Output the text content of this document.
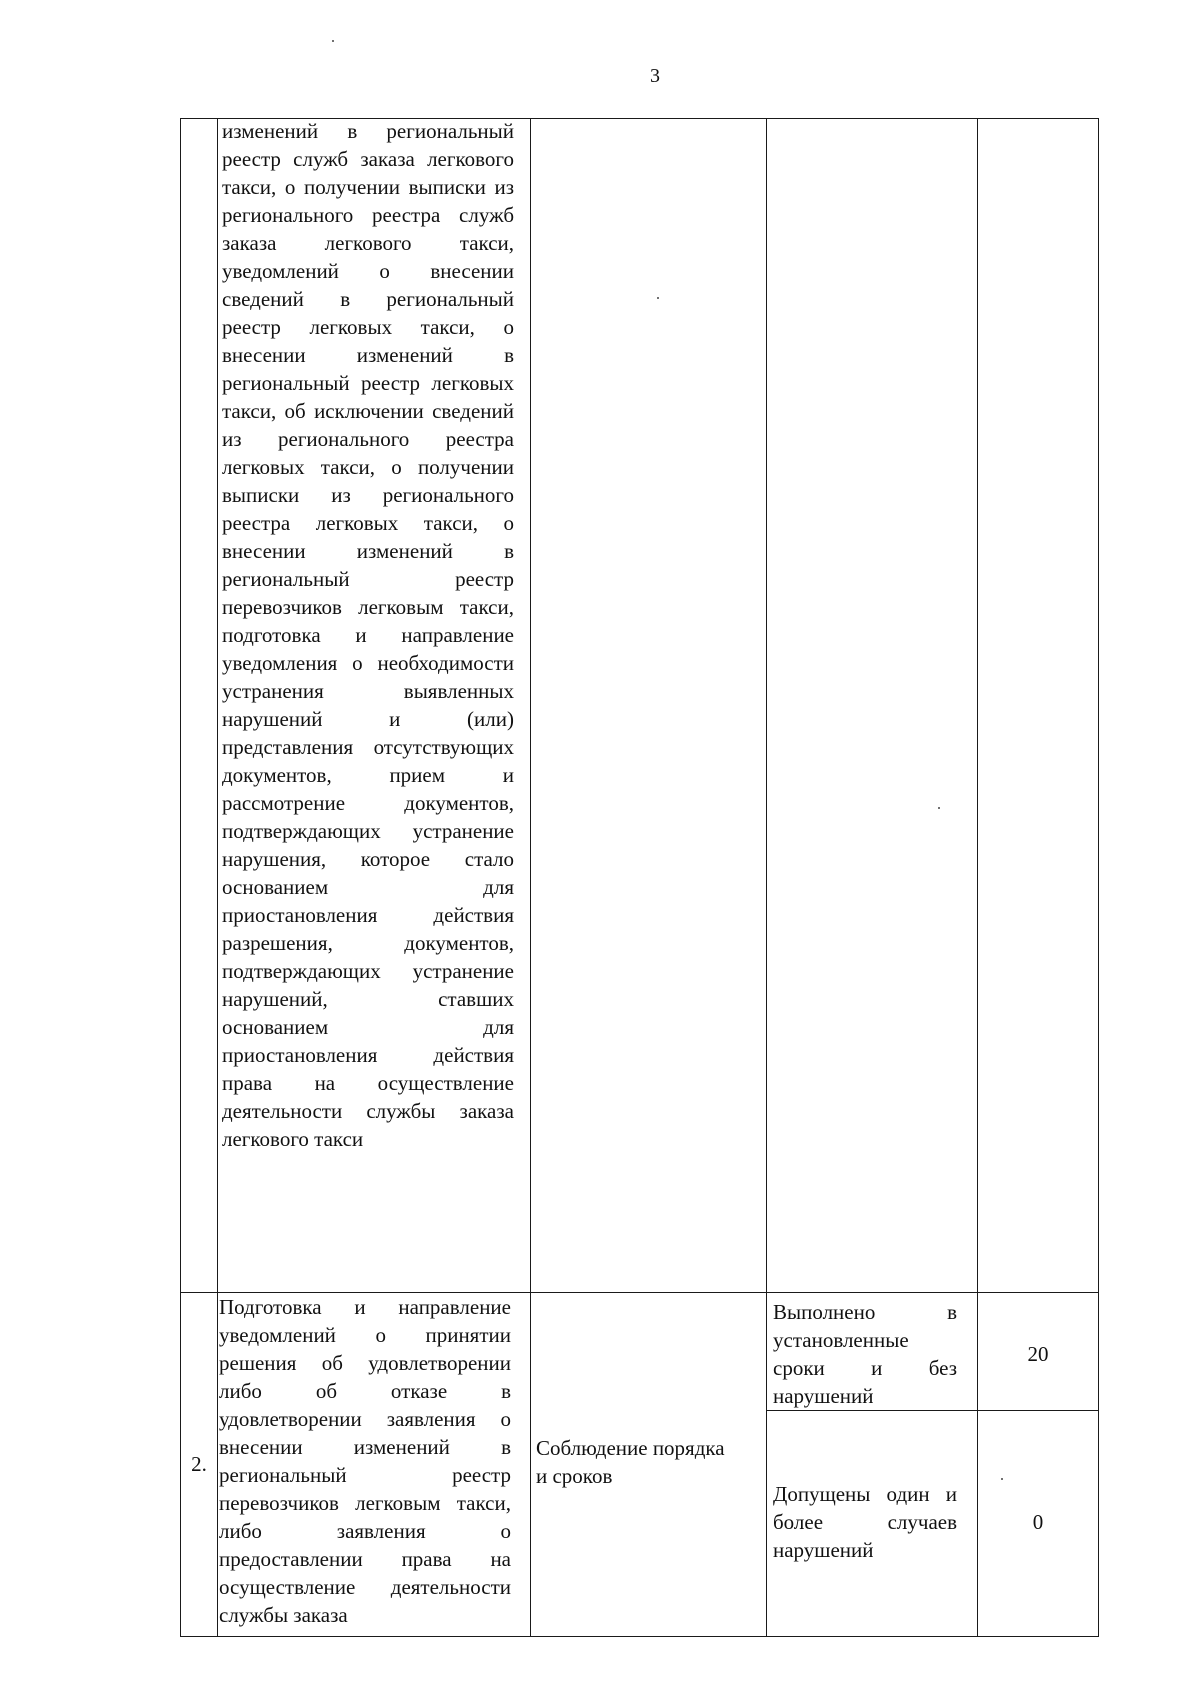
3
изменений в региональный реестр служб заказа легкового такси, о получении выписки из регионального реестра служб заказа легкового такси, уведомлений о внесении сведений в региональный реестр легковых такси, о внесении изменений в региональный реестр легковых такси, об исключении сведений из регионального реестра легковых такси, о получении выписки из регионального реестра легковых такси, о внесении изменений в региональный реестр перевозчиков легковым такси, подготовка и направление уведомления о необходимости устранения выявленных нарушений и (или) представления отсутствующих документов, прием и рассмотрение документов, подтверждающих устранение нарушения, которое стало основанием для приостановления действия разрешения, документов, подтверждающих устранение нарушений, ставших основанием для приостановления действия права на осуществление деятельности службы заказа легкового такси
2.
Подготовка и направление уведомлений о принятии решения об удовлетворении либо об отказе в удовлетворении заявления о внесении изменений в региональный реестр перевозчиков легковым такси, либо заявления о предоставлении права на осуществление деятельности службы заказа
Соблюдение порядка и сроков
Выполнено в установленные сроки и без нарушений
20
Допущены один и более случаев нарушений
0
